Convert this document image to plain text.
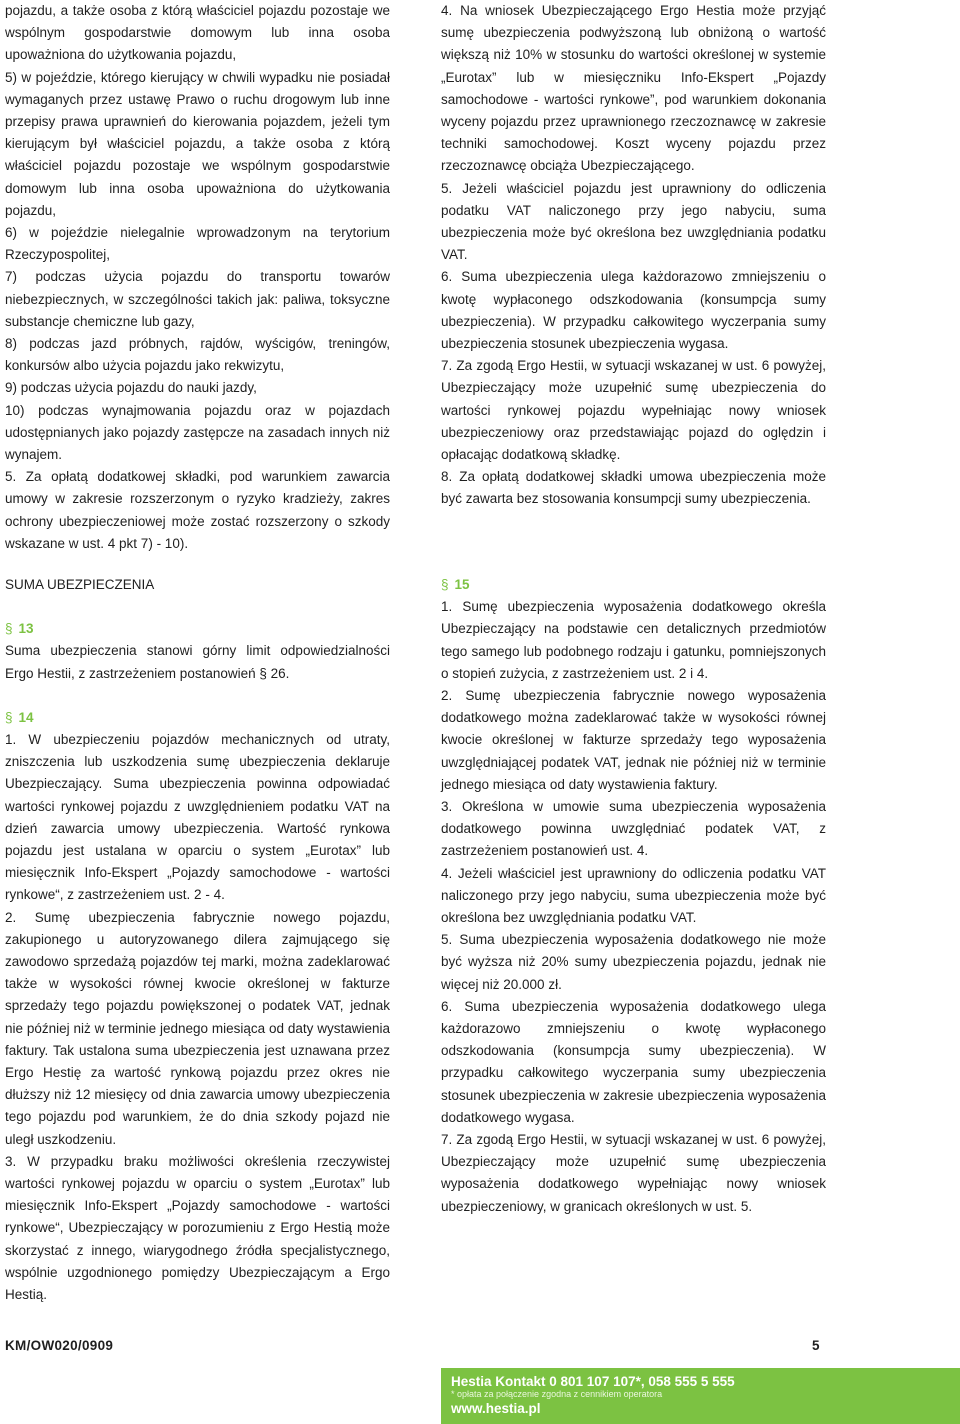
pojazdu, a także osoba z którą właściciel pojazdu pozostaje we wspólnym gospodarstwie domowym lub inna osoba upoważniona do użytkowania pojazdu,

5) w pojeździe, którego kierujący w chwili wypadku nie posiadał wymaganych przez ustawę Prawo o ruchu drogowym lub inne przepisy prawa uprawnień do kierowania pojazdem, jeżeli tym kierującym był właściciel pojazdu, a także osoba z którą właściciel pojazdu pozostaje we wspólnym gospodarstwie domowym lub inna osoba upoważniona do użytkowania pojazdu,

6) w pojeździe nielegalnie wprowadzonym na terytorium Rzeczypospolitej,

7) podczas użycia pojazdu do transportu towarów niebezpiecznych, w szczególności takich jak: paliwa, toksyczne substancje chemiczne lub gazy,

8) podczas jazd próbnych, rajdów, wyścigów, treningów, konkursów albo użycia pojazdu jako rekwizytu,

9) podczas użycia pojazdu do nauki jazdy,

10) podczas wynajmowania pojazdu oraz w pojazdach udostępnianych jako pojazdy zastępcze na zasadach innych niż wynajem.

5. Za opłatą dodatkowej składki, pod warunkiem zawarcia umowy w zakresie rozszerzonym o ryzyko kradzieży, zakres ochrony ubezpieczeniowej może zostać rozszerzony o szkody wskazane w ust. 4 pkt 7) - 10).

4. Na wniosek Ubezpieczającego Ergo Hestia może przyjąć sumę ubezpieczenia podwyższoną lub obniżoną o wartość większą niż 10% w stosunku do wartości określonej w systemie „Eurotax” lub w miesięczniku Info-Ekspert „Pojazdy samochodowe - wartości rynkowe”, pod warunkiem dokonania wyceny pojazdu przez uprawnionego rzeczoznawcę w zakresie techniki samochodowej. Koszt wyceny pojazdu przez rzeczoznawcę obciąża Ubezpieczającego.

5. Jeżeli właściciel pojazdu jest uprawniony do odliczenia podatku VAT naliczonego przy jego nabyciu, suma ubezpieczenia może być określona bez uwzględniania podatku VAT.

6. Suma ubezpieczenia ulega każdorazowo zmniejszeniu o kwotę wypłaconego odszkodowania (konsumpcja sumy ubezpieczenia). W przypadku całkowitego wyczerpania sumy ubezpieczenia stosunek ubezpieczenia wygasa.

7. Za zgodą Ergo Hestii, w sytuacji wskazanej w ust. 6 powyżej, Ubezpieczający może uzupełnić sumę ubezpieczenia do wartości rynkowej pojazdu wypełniając nowy wniosek ubezpieczeniowy oraz przedstawiając pojazd do oględzin i opłacając dodatkową składkę.

8. Za opłatą dodatkowej składki umowa ubezpieczenia może być zawarta bez stosowania konsumpcji sumy ubezpieczenia.

SUMA UBEZPIECZENIA
§ 13

Suma ubezpieczenia stanowi górny limit odpowiedzialności Ergo Hestii, z zastrzeżeniem postanowień § 26.

§ 14

1. W ubezpieczeniu pojazdów mechanicznych od utraty, zniszczenia lub uszkodzenia sumę ubezpieczenia deklaruje Ubezpieczający. Suma ubezpieczenia powinna odpowiadać wartości rynkowej pojazdu z uwzględnieniem podatku VAT na dzień zawarcia umowy ubezpieczenia. Wartość rynkowa pojazdu jest ustalana w oparciu o system „Eurotax” lub miesięcznik Info-Ekspert „Pojazdy samochodowe - wartości rynkowe“, z zastrzeżeniem ust. 2 - 4.

2. Sumę ubezpieczenia fabrycznie nowego pojazdu, zakupionego u autoryzowanego dilera zajmującego się zawodowo sprzedażą pojazdów tej marki, można zadeklarować także w wysokości równej kwocie określonej w fakturze sprzedaży tego pojazdu powiększonej o podatek VAT, jednak nie później niż w terminie jednego miesiąca od daty wystawienia faktury. Tak ustalona suma ubezpieczenia jest uznawana przez Ergo Hestię za wartość rynkową pojazdu przez okres nie dłuższy niż 12 miesięcy od dnia zawarcia umowy ubezpieczenia tego pojazdu pod warunkiem, że do dnia szkody pojazd nie uległ uszkodzeniu.

3. W przypadku braku możliwości określenia rzeczywistej wartości rynkowej pojazdu w oparciu o system „Eurotax” lub miesięcznik Info-Ekspert „Pojazdy samochodowe - wartości rynkowe“, Ubezpieczający w porozumieniu z Ergo Hestią może skorzystać z innego, wiarygodnego źródła specjalistycznego, wspólnie uzgodnionego pomiędzy Ubezpieczającym a Ergo Hestią.

§ 15

1. Sumę ubezpieczenia wyposażenia dodatkowego określa Ubezpieczający na podstawie cen detalicznych przedmiotów tego samego lub podobnego rodzaju i gatunku, pomniejszonych o stopień zużycia, z zastrzeżeniem ust. 2 i 4.

2. Sumę ubezpieczenia fabrycznie nowego wyposażenia dodatkowego można zadeklarować także w wysokości równej kwocie określonej w fakturze sprzedaży tego wyposażenia uwzględniającej podatek VAT, jednak nie później niż w terminie jednego miesiąca od daty wystawienia faktury.

3. Określona w umowie suma ubezpieczenia wyposażenia dodatkowego powinna uwzględniać podatek VAT, z zastrzeżeniem postanowień ust. 4.

4. Jeżeli właściciel jest uprawniony do odliczenia podatku VAT naliczonego przy jego nabyciu, suma ubezpieczenia może być określona bez uwzględniania podatku VAT.

5. Suma ubezpieczenia wyposażenia dodatkowego nie może być wyższa niż 20% sumy ubezpieczenia pojazdu, jednak nie więcej niż 20.000 zł.

6. Suma ubezpieczenia wyposażenia dodatkowego ulega każdorazowo zmniejszeniu o kwotę wypłaconego odszkodowania (konsumpcja sumy ubezpieczenia). W przypadku całkowitego wyczerpania sumy ubezpieczenia stosunek ubezpieczenia w zakresie ubezpieczenia wyposażenia dodatkowego wygasa.

7. Za zgodą Ergo Hestii, w sytuacji wskazanej w ust. 6 powyżej, Ubezpieczający może uzupełnić sumę ubezpieczenia wyposażenia dodatkowego wypełniając nowy wniosek ubezpieczeniowy, w granicach określonych w ust. 5.

KM/OW020/0909	5
Hestia Kontakt 0 801 107 107*, 058 555 5 555
* opłata za połączenie zgodna z cennikiem operatora
www.hestia.pl
